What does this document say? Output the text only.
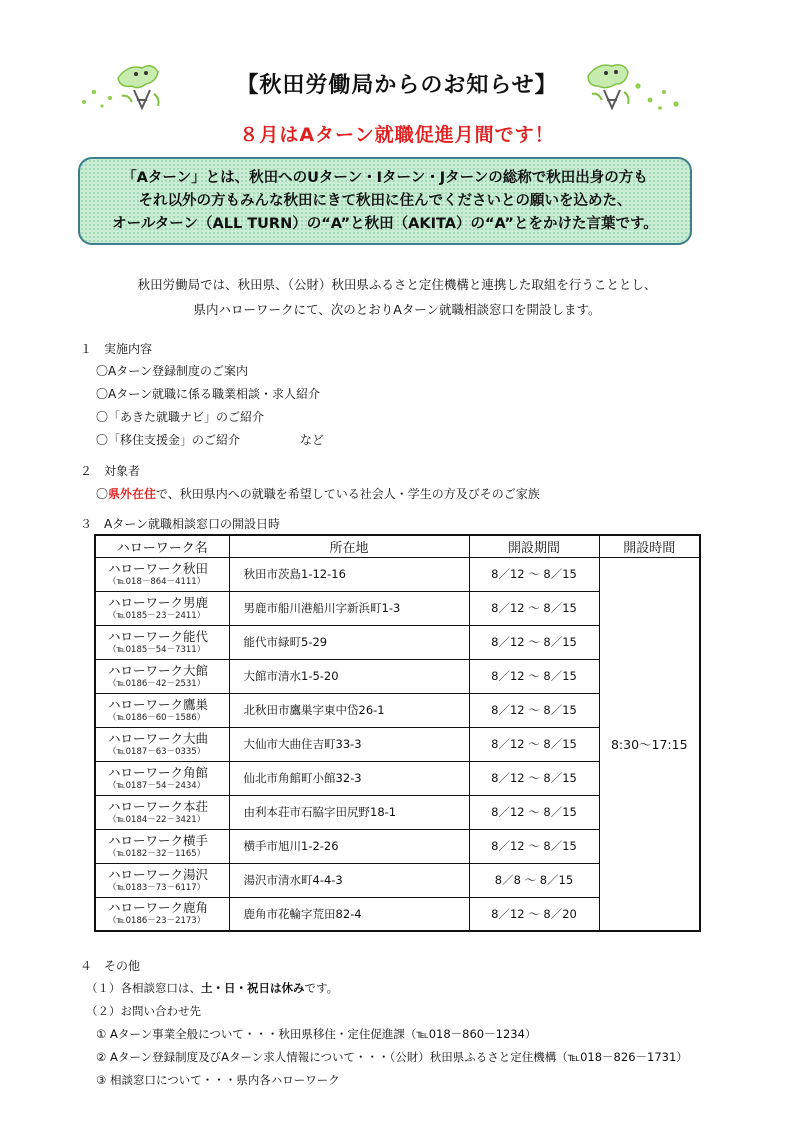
【秋田労働局からのお知らせ】
８月はAターン就職促進月間です！
「Aターン」とは、秋田へのUターン・Iターン・Jターンの総称で秋田出身の方も
それ以外の方もみんな秋田にきて秋田に住んでくださいとの願いを込めた、
オールターン（ALL TURN）の“A”と秋田（AKITA）の“A”とをかけた言葉です。
秋田労働局では、秋田県、（公財）秋田県ふるさと定住機構と連携した取組を行うこととし、
県内ハローワークにて、次のとおりAターン就職相談窓口を開設します。
１　実施内容
〇Aターン登録制度のご案内
〇Aターン就職に係る職業相談・求人紹介
〇「あきた就職ナビ」のご紹介
〇「移住支援金」のご紹介　　　　　など
２　対象者
〇県外在住で、秋田県内への就職を希望している社会人・学生の方及びそのご家族
３　Aターン就職相談窓口の開設日時
ハローワーク名	所在地	開設期間	開設時間

ハローワーク秋田
（℡018－864－4111）	秋田市茨島1-12-16	8／12 ～ 8／15	8:30〜17:15

ハローワーク男鹿
（℡0185－23－2411）	男鹿市船川港船川字新浜町1-3	8／12 ～ 8／15	

ハローワーク能代
（℡0185－54－7311）	能代市緑町5-29	8／12 ～ 8／15	

ハローワーク大館
（℡0186－42－2531）	大館市清水1-5-20	8／12 ～ 8／15	

ハローワーク鷹巣
（℡0186－60－1586）	北秋田市鷹巣字東中岱26-1	8／12 ～ 8／15	

ハローワーク大曲
（℡0187－63－0335）	大仙市大曲住吉町33-3	8／12 ～ 8／15	

ハローワーク角館
（℡0187－54－2434）	仙北市角館町小館32-3	8／12 ～ 8／15	

ハローワーク本荘
（℡0184－22－3421）	由利本荘市石脇字田尻野18-1	8／12 ～ 8／15	

ハローワーク横手
（℡0182－32－1165）	横手市旭川1-2-26	8／12 ～ 8／15	

ハローワーク湯沢
（℡0183－73－6117）	湯沢市清水町4-4-3	8／8 ～ 8／15	

ハローワーク鹿角
（℡0186－23－2173）	鹿角市花輪字荒田82-4	8／12 ～ 8／20	
４　その他
（１）各相談窓口は、土・日・祝日は休みです。
（２）お問い合わせ先
① Aターン事業全般について・・・秋田県移住・定住促進課（℡018－860－1234）
② Aターン登録制度及びAターン求人情報について・・・（公財）秋田県ふるさと定住機構（℡018－826－1731）
③ 相談窓口について・・・県内各ハローワーク
